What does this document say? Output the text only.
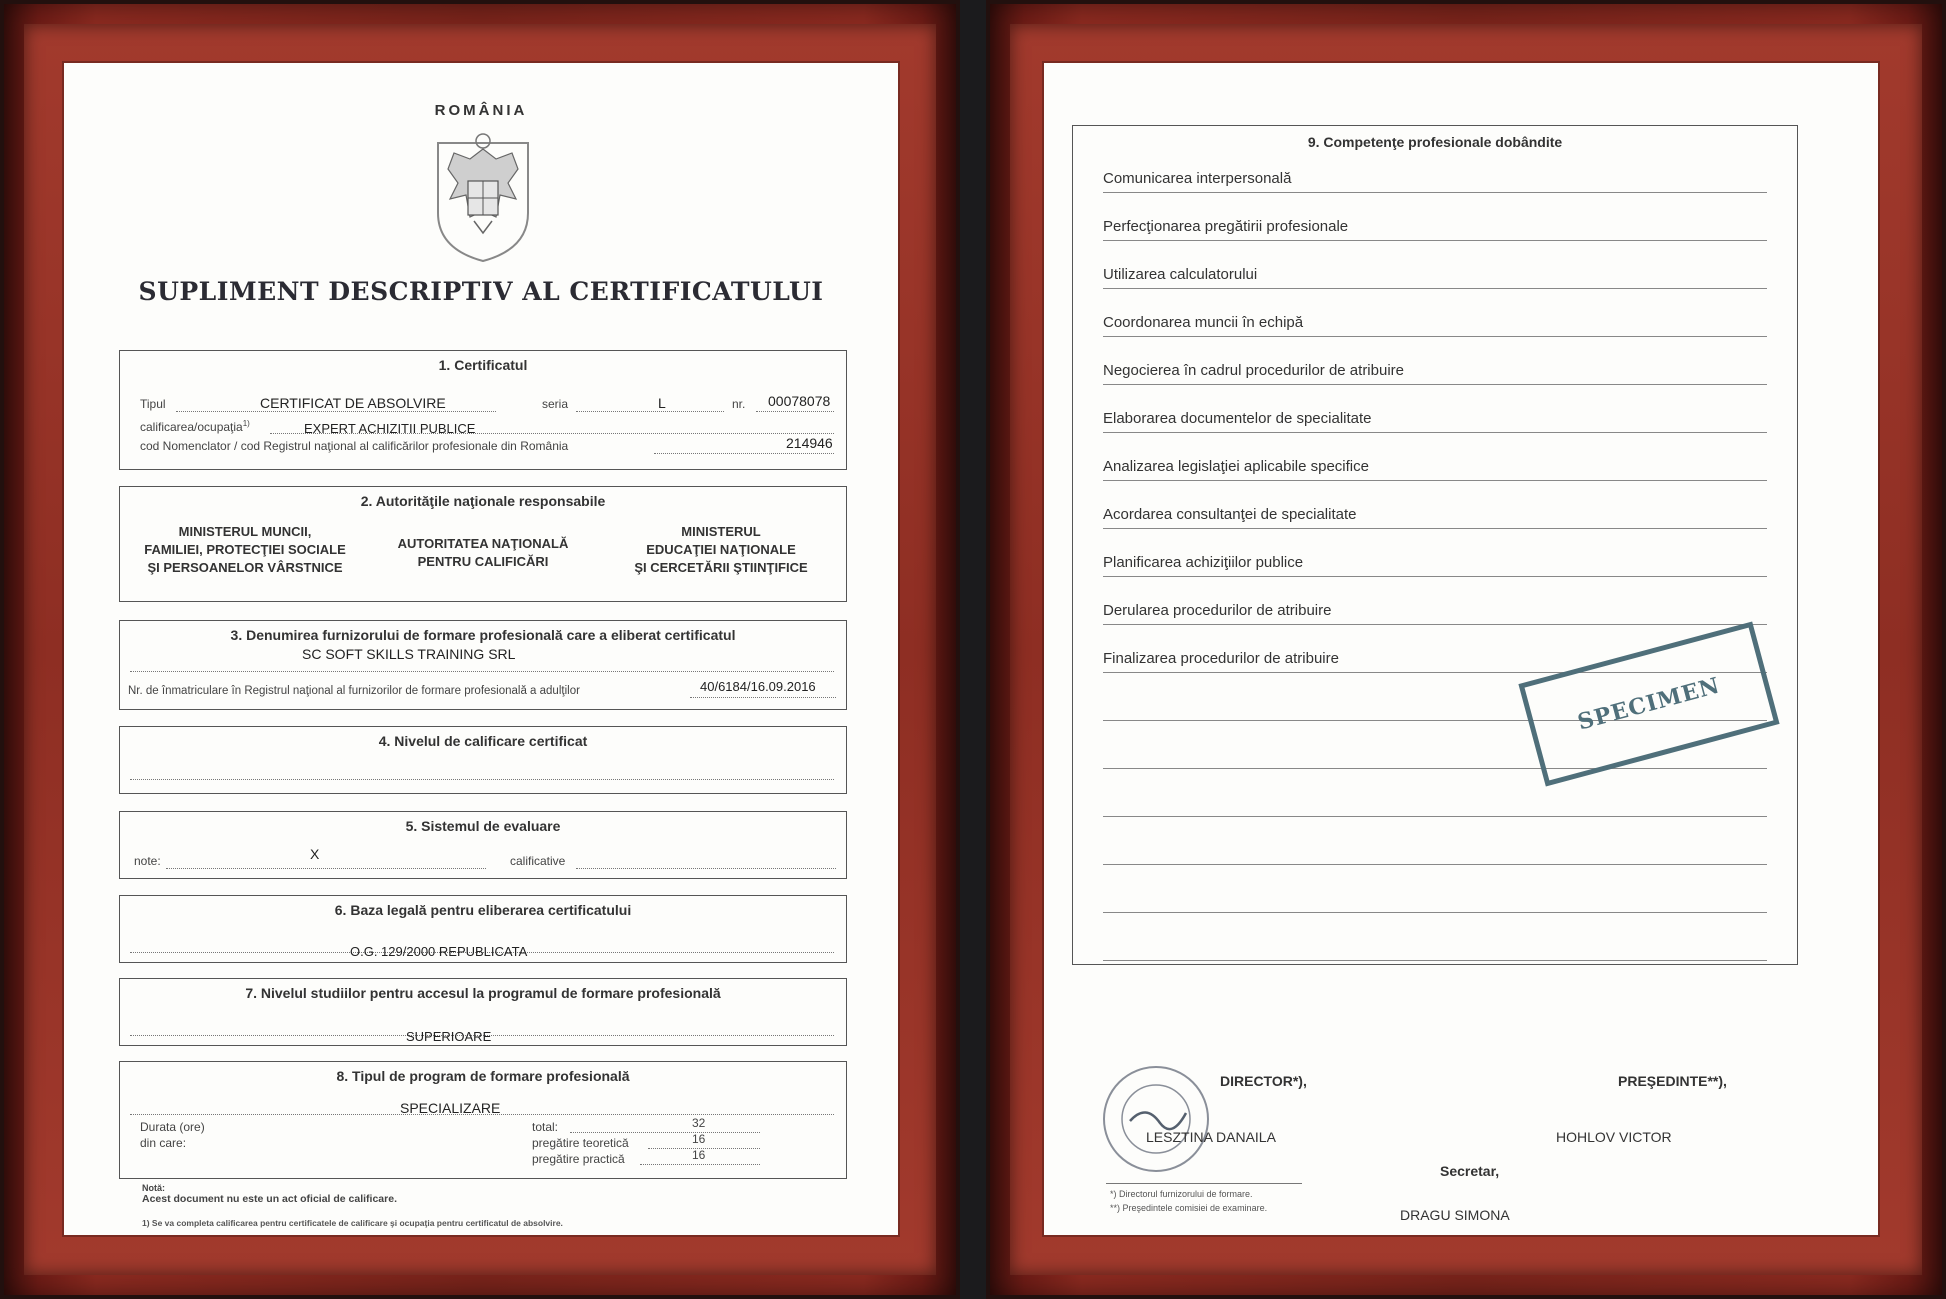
ROMÂNIA
SUPLIMENT DESCRIPTIV AL CERTIFICATULUI
1. Certificatul
Tipul	CERTIFICAT DE ABSOLVIRE	seria	L	nr. 00078078
calificarea/ocupaţia$^{1)}$	EXPERT ACHIZITII PUBLICE
cod Nomenclator / cod Registrul naţional al calificărilor profesionale din România	214946
2. Autorităţile naţionale responsabile
MINISTERUL MUNCII,
FAMILIEI, PROTECŢIEI SOCIALE
ŞI PERSOANELOR VÂRSTNICE
AUTORITATEA NAŢIONALĂ
PENTRU CALIFICĂRI
MINISTERUL
EDUCAŢIEI NAŢIONALE
ŞI CERCETĂRII ŞTIINŢIFICE
3. Denumirea furnizorului de formare profesională care a eliberat certificatul
SC SOFT SKILLS TRAINING SRL
Nr. de înmatriculare în Registrul naţional al furnizorilor de formare profesională a adulţilor	40/6184/16.09.2016
4. Nivelul de calificare certificat
5. Sistemul de evaluare
note:	X	calificative
6. Baza legală pentru eliberarea certificatului
O.G. 129/2000 REPUBLICATA
7. Nivelul studiilor pentru accesul la programul de formare profesională
SUPERIOARE
8. Tipul de program de formare profesională
SPECIALIZARE
Durata (ore)
din care:
total:	32
pregătire teoretică	16
pregătire practică	16
Notă:
Acest document nu este un act oficial de calificare.
1) Se va completa calificarea pentru certificatele de calificare şi ocupaţia pentru certificatul de absolvire.
9. Competenţe profesionale dobândite
Comunicarea interpersonală
Perfecţionarea pregătirii profesionale
Utilizarea calculatorului
Coordonarea muncii în echipă
Negocierea în cadrul procedurilor de atribuire
Elaborarea documentelor de specialitate
Analizarea legislaţiei aplicabile specifice
Acordarea consultanţei de specialitate
Planificarea achiziţiilor publice
Derularea procedurilor de atribuire
Finalizarea procedurilor de atribuire
SPECIMEN
DIRECTOR*),
LESZTINA DANAILA
PREŞEDINTE**),
HOHLOV VICTOR
Secretar,
DRAGU SIMONA
*) Directorul furnizorului de formare.
**) Preşedintele comisiei de examinare.
